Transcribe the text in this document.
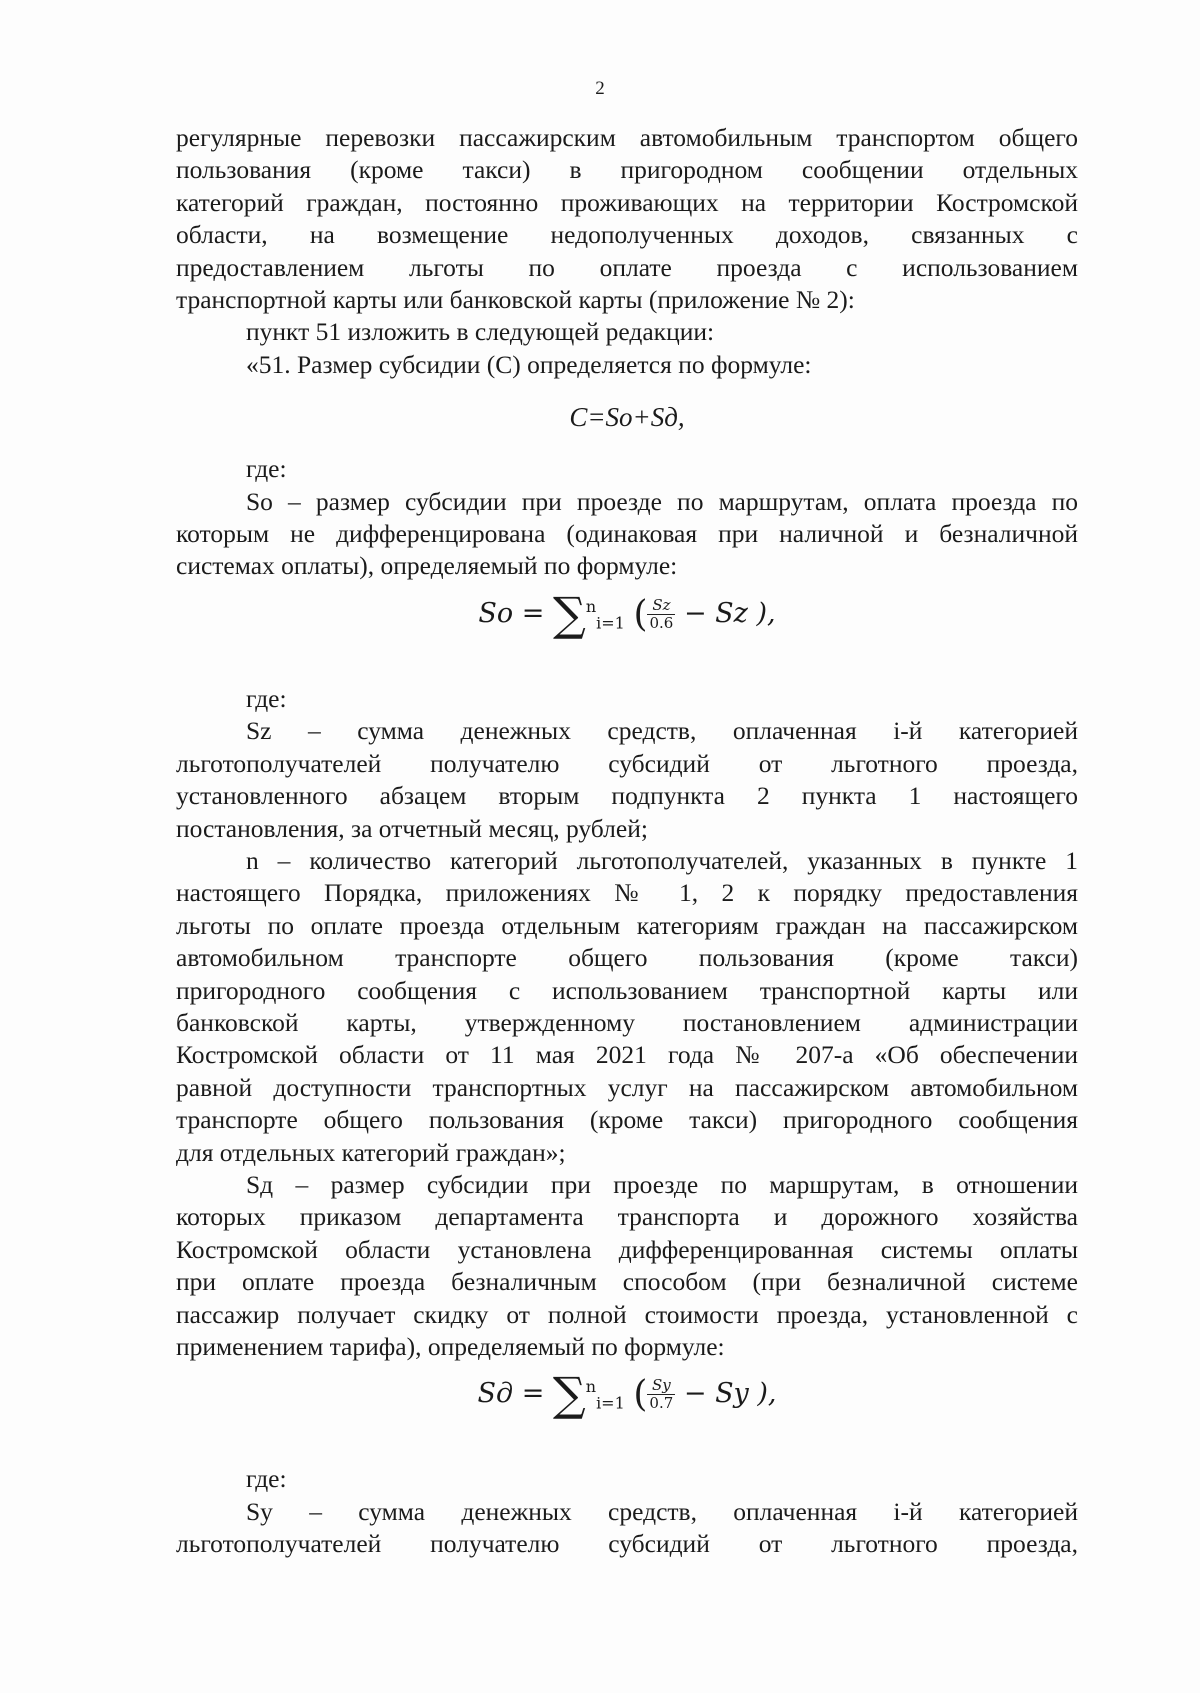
2

регулярные перевозки пассажирским автомобильным транспортом общего

пользования (кроме такси) в пригородном сообщении отдельных

категорий граждан, постоянно проживающих на территории Костромской

области, на возмещение недополученных доходов, связанных с

предоставлением льготы по оплате проезда с использованием

транспортной карты или банковской карты (приложение № 2):

пункт 51 изложить в следующей редакции:

«51. Размер субсидии (С) определяется по формуле:

С=Sо+Sд,

где:

Sо – размер субсидии при проезде по маршрутам, оплата проезда по

которым не дифференцирована (одинаковая при наличной и безналичной

системах оплаты), определяемый по формуле:

So = ∑$^n_{i=1}$ ( $\frac{Sz}{0.6} - Sz$ ),

где:

Sz – сумма денежных средств, оплаченная i-й категорией

льготополучателей получателю субсидий от льготного проезда,

установленного абзацем вторым подпункта 2 пункта 1 настоящего

постановления, за отчетный месяц, рублей;

n – количество категорий льготополучателей, указанных в пункте 1

настоящего Порядка, приложениях № 1, 2 к порядку предоставления

льготы по оплате проезда отдельным категориям граждан на пассажирском

автомобильном транспорте общего пользования (кроме такси)

пригородного сообщения с использованием транспортной карты или

банковской карты, утвержденному постановлением администрации

Костромской области от 11 мая 2021 года № 207-а «Об обеспечении

равной доступности транспортных услуг на пассажирском автомобильном

транспорте общего пользования (кроме такси) пригородного сообщения

для отдельных категорий граждан»;

Sд – размер субсидии при проезде по маршрутам, в отношении

которых приказом департамента транспорта и дорожного хозяйства

Костромской области установлена дифференцированная системы оплаты

при оплате проезда безналичным способом (при безналичной системе

пассажир получает скидку от полной стоимости проезда, установленной с

применением тарифа), определяемый по формуле:

Sд = ∑$^n_{i=1}$ ( $\frac{Sy}{0.7} - Sy$ ),

где:

Sy – сумма денежных средств, оплаченная i-й категорией

льготополучателей получателю субсидий от льготного проезда,
